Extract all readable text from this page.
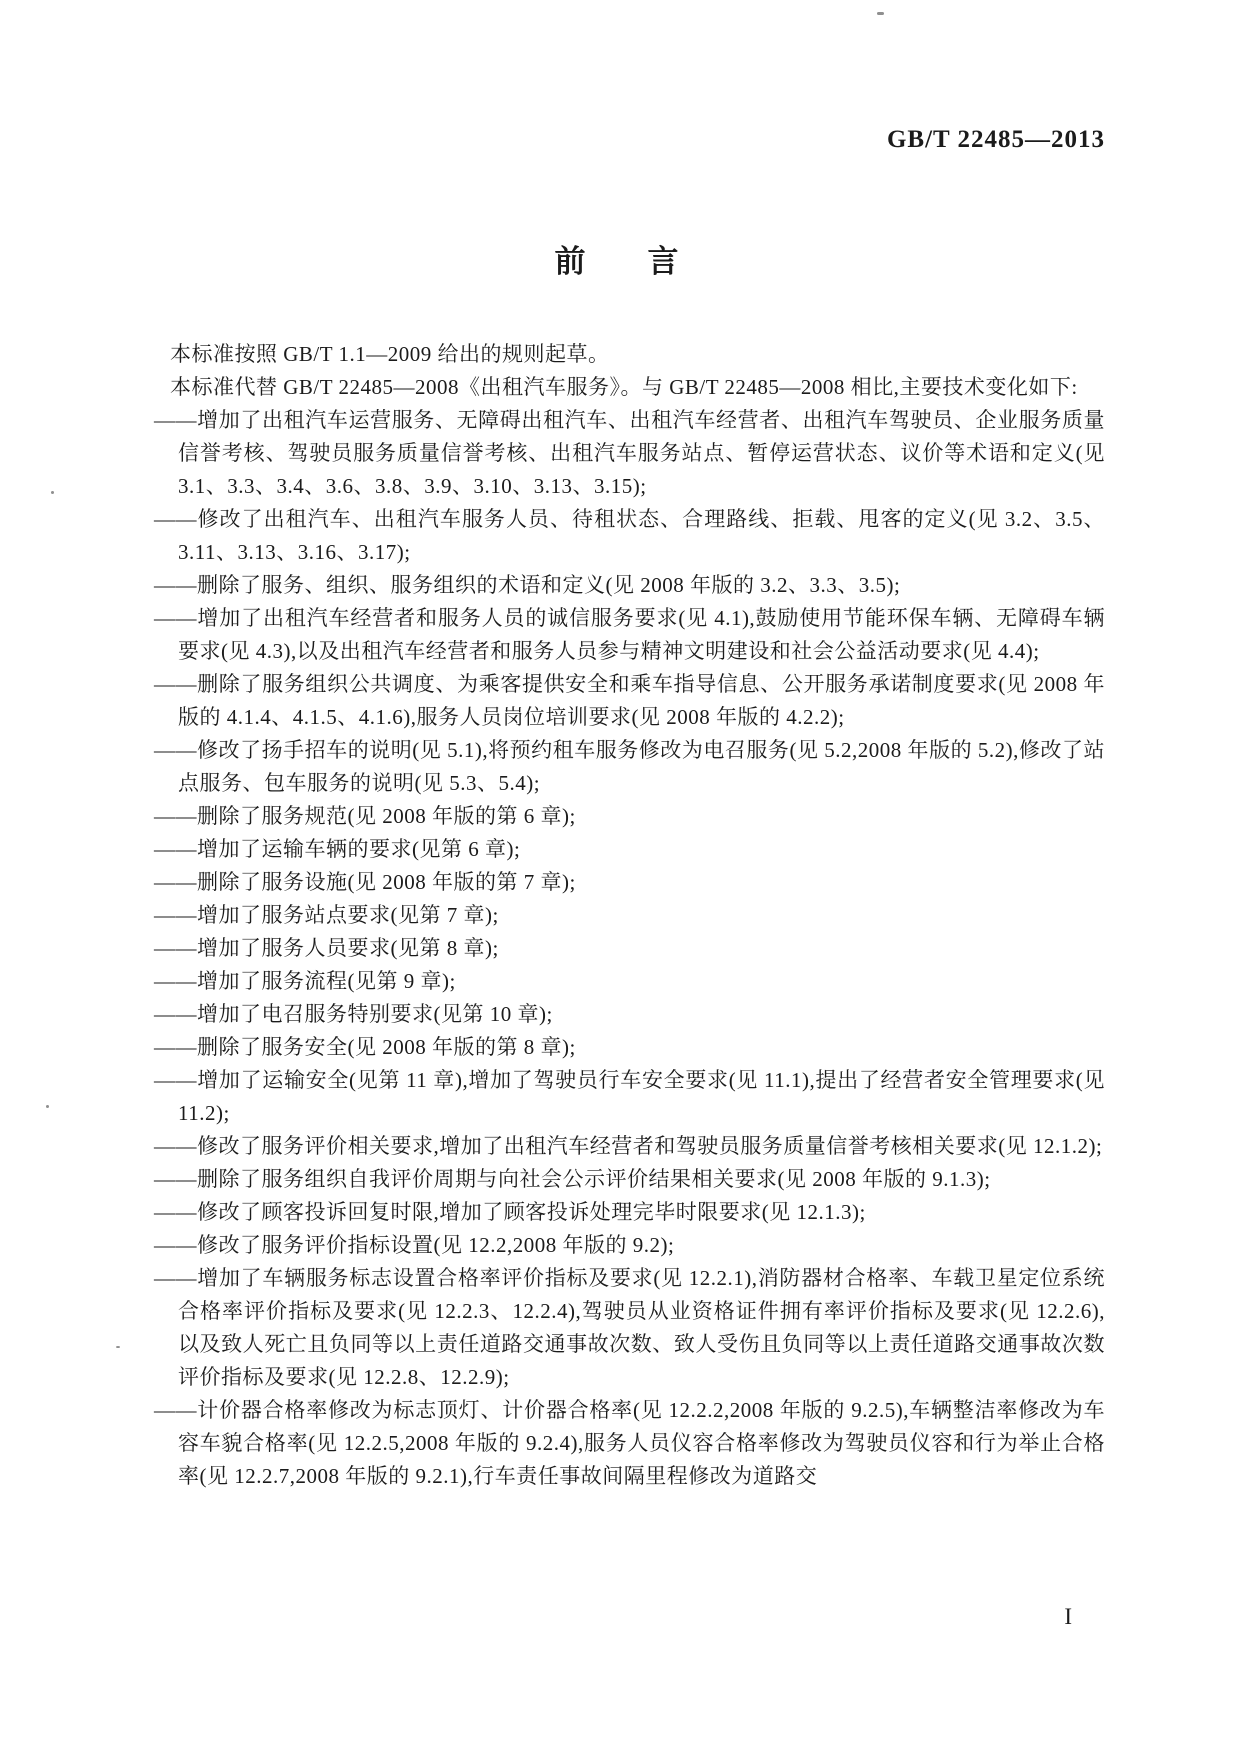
GB/T 22485—2013
前　　言
本标准按照 GB/T 1.1—2009 给出的规则起草。
本标准代替 GB/T 22485—2008《出租汽车服务》。与 GB/T 22485—2008 相比,主要技术变化如下:
——增加了出租汽车运营服务、无障碍出租汽车、出租汽车经营者、出租汽车驾驶员、企业服务质量信誉考核、驾驶员服务质量信誉考核、出租汽车服务站点、暂停运营状态、议价等术语和定义(见 3.1、3.3、3.4、3.6、3.8、3.9、3.10、3.13、3.15);
——修改了出租汽车、出租汽车服务人员、待租状态、合理路线、拒载、甩客的定义(见 3.2、3.5、3.11、3.13、3.16、3.17);
——删除了服务、组织、服务组织的术语和定义(见 2008 年版的 3.2、3.3、3.5);
——增加了出租汽车经营者和服务人员的诚信服务要求(见 4.1),鼓励使用节能环保车辆、无障碍车辆要求(见 4.3),以及出租汽车经营者和服务人员参与精神文明建设和社会公益活动要求(见 4.4);
——删除了服务组织公共调度、为乘客提供安全和乘车指导信息、公开服务承诺制度要求(见 2008 年版的 4.1.4、4.1.5、4.1.6),服务人员岗位培训要求(见 2008 年版的 4.2.2);
——修改了扬手招车的说明(见 5.1),将预约租车服务修改为电召服务(见 5.2,2008 年版的 5.2),修改了站点服务、包车服务的说明(见 5.3、5.4);
——删除了服务规范(见 2008 年版的第 6 章);
——增加了运输车辆的要求(见第 6 章);
——删除了服务设施(见 2008 年版的第 7 章);
——增加了服务站点要求(见第 7 章);
——增加了服务人员要求(见第 8 章);
——增加了服务流程(见第 9 章);
——增加了电召服务特别要求(见第 10 章);
——删除了服务安全(见 2008 年版的第 8 章);
——增加了运输安全(见第 11 章),增加了驾驶员行车安全要求(见 11.1),提出了经营者安全管理要求(见 11.2);
——修改了服务评价相关要求,增加了出租汽车经营者和驾驶员服务质量信誉考核相关要求(见 12.1.2);
——删除了服务组织自我评价周期与向社会公示评价结果相关要求(见 2008 年版的 9.1.3);
——修改了顾客投诉回复时限,增加了顾客投诉处理完毕时限要求(见 12.1.3);
——修改了服务评价指标设置(见 12.2,2008 年版的 9.2);
——增加了车辆服务标志设置合格率评价指标及要求(见 12.2.1),消防器材合格率、车载卫星定位系统合格率评价指标及要求(见 12.2.3、12.2.4),驾驶员从业资格证件拥有率评价指标及要求(见 12.2.6),以及致人死亡且负同等以上责任道路交通事故次数、致人受伤且负同等以上责任道路交通事故次数评价指标及要求(见 12.2.8、12.2.9);
——计价器合格率修改为标志顶灯、计价器合格率(见 12.2.2,2008 年版的 9.2.5),车辆整洁率修改为车容车貌合格率(见 12.2.5,2008 年版的 9.2.4),服务人员仪容合格率修改为驾驶员仪容和行为举止合格率(见 12.2.7,2008 年版的 9.2.1),行车责任事故间隔里程修改为道路交
I
